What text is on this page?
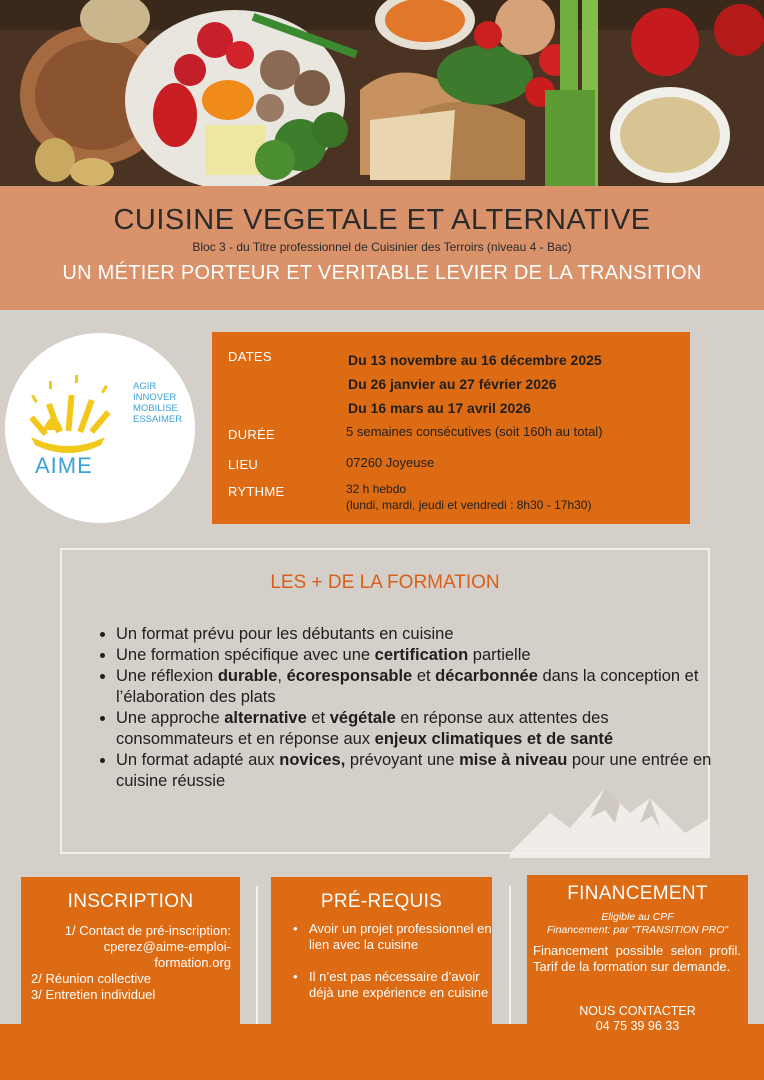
CUISINE VEGETALE ET ALTERNATIVE
Bloc 3 - du Titre professionnel de Cuisinier des Terroirs (niveau 4 - Bac)
UN MÉTIER PORTEUR ET VERITABLE LEVIER DE LA TRANSITION
AGIR
INNOVER
MOBILISE
ESSAIMER
AIME
DATES	Du 13 novembre au 16 décembre 2025
Du 26 janvier au 27 février 2026
Du 16 mars au 17 avril 2026
DURÉE	5 semaines consécutives (soit 160h au total)
LIEU	07260 Joyeuse
RYTHME	32 h hebdo
(lundi, mardi, jeudi et vendredi : 8h30 - 17h30)
LES + DE LA FORMATION
• Un format prévu pour les débutants en cuisine
• Une formation spécifique avec une certification partielle
• Une réflexion durable, écoresponsable et décarbonnée dans la conception et l’élaboration des plats
• Une approche alternative et végétale en réponse aux attentes des consommateurs et en réponse aux enjeux climatiques et de santé
• Un format adapté aux novices, prévoyant une mise à niveau pour une entrée en cuisine réussie
INSCRIPTION
1/ Contact de pré-inscription:
cperez@aime-emploi-
formation.org
2/ Réunion collective
3/ Entretien individuel
PRÉ-REQUIS
• Avoir un projet professionnel en lien avec la cuisine
• Il n’est pas nécessaire d’avoir déjà une expérience en cuisine
FINANCEMENT
Eligible au CPF
Financement: par "TRANSITION PRO"
Financement possible selon profil. Tarif de la formation sur demande.
NOUS CONTACTER
04 75 39 96 33
